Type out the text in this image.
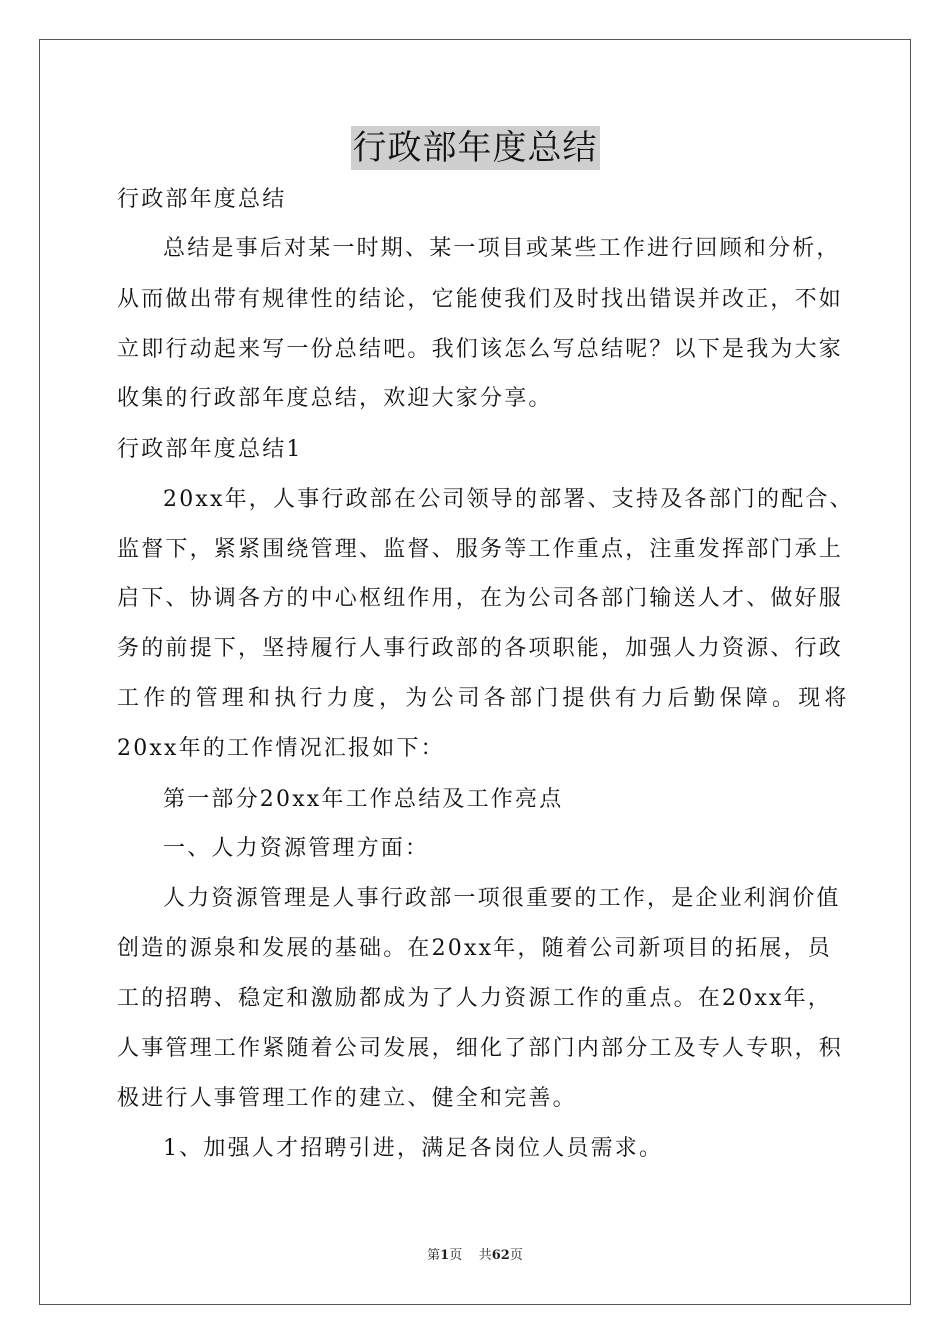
行政部年度总结
行政部年度总结
总结是事后对某一时期、某一项目或某些工作进行回顾和分析，
从而做出带有规律性的结论，它能使我们及时找出错误并改正，不如
立即行动起来写一份总结吧。我们该怎么写总结呢？以下是我为大家
收集的行政部年度总结，欢迎大家分享。
行政部年度总结1
20xx年，人事行政部在公司领导的部署、支持及各部门的配合、
监督下，紧紧围绕管理、监督、服务等工作重点，注重发挥部门承上
启下、协调各方的中心枢纽作用，在为公司各部门输送人才、做好服
务的前提下，坚持履行人事行政部的各项职能，加强人力资源、行政
工作的管理和执行力度，为公司各部门提供有力后勤保障。现将
20xx年的工作情况汇报如下：
第一部分20xx年工作总结及工作亮点
一、人力资源管理方面：
人力资源管理是人事行政部一项很重要的工作，是企业利润价值
创造的源泉和发展的基础。在20xx年，随着公司新项目的拓展，员
工的招聘、稳定和激励都成为了人力资源工作的重点。在20xx年，
人事管理工作紧随着公司发展，细化了部门内部分工及专人专职，积
极进行人事管理工作的建立、健全和完善。
1、加强人才招聘引进，满足各岗位人员需求。
第1页 共62页
